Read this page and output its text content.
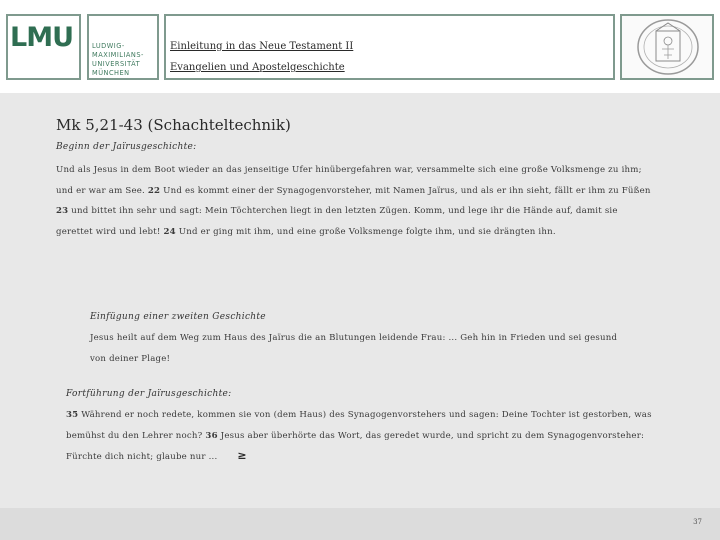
LMU	LUDWIG-
MAXIMILIANS-
UNIVERSITÄT
MÜNCHEN
Einleitung in das Neue Testament II
Evangelien und Apostelgeschichte
Mk 5,21-43 (Schachteltechnik)
Beginn der Jaïrusgeschichte:
Und als Jesus in dem Boot wieder an das jenseitige Ufer hinübergefahren war, versammelte sich eine große Volksmenge zu ihm; und er war am See. 22 Und es kommt einer der Synagogenvorsteher, mit Namen Jaïrus, und als er ihn sieht, fällt er ihm zu Füßen 23 und bittet ihn sehr und sagt: Mein Töchterchen liegt in den letzten Zügen. Komm, und lege ihr die Hände auf, damit sie gerettet wird und lebt! 24 Und er ging mit ihm, und eine große Volksmenge folgte ihm, und sie drängten ihn.
Einfügung einer zweiten Geschichte
Jesus heilt auf dem Weg zum Haus des Jaïrus die an Blutungen leidende Frau: ... Geh hin in Frieden und sei gesund von deiner Plage!
Fortführung der Jaïrusgeschichte:
35 Während er noch redete, kommen sie von (dem Haus) des Synagogenvorstehers und sagen: Deine Tochter ist gestorben, was bemühst du den Lehrer noch? 36 Jesus aber überhörte das Wort, das geredet wurde, und spricht zu dem Synagogenvorsteher: Fürchte dich nicht; glaube nur ... ≥
37
